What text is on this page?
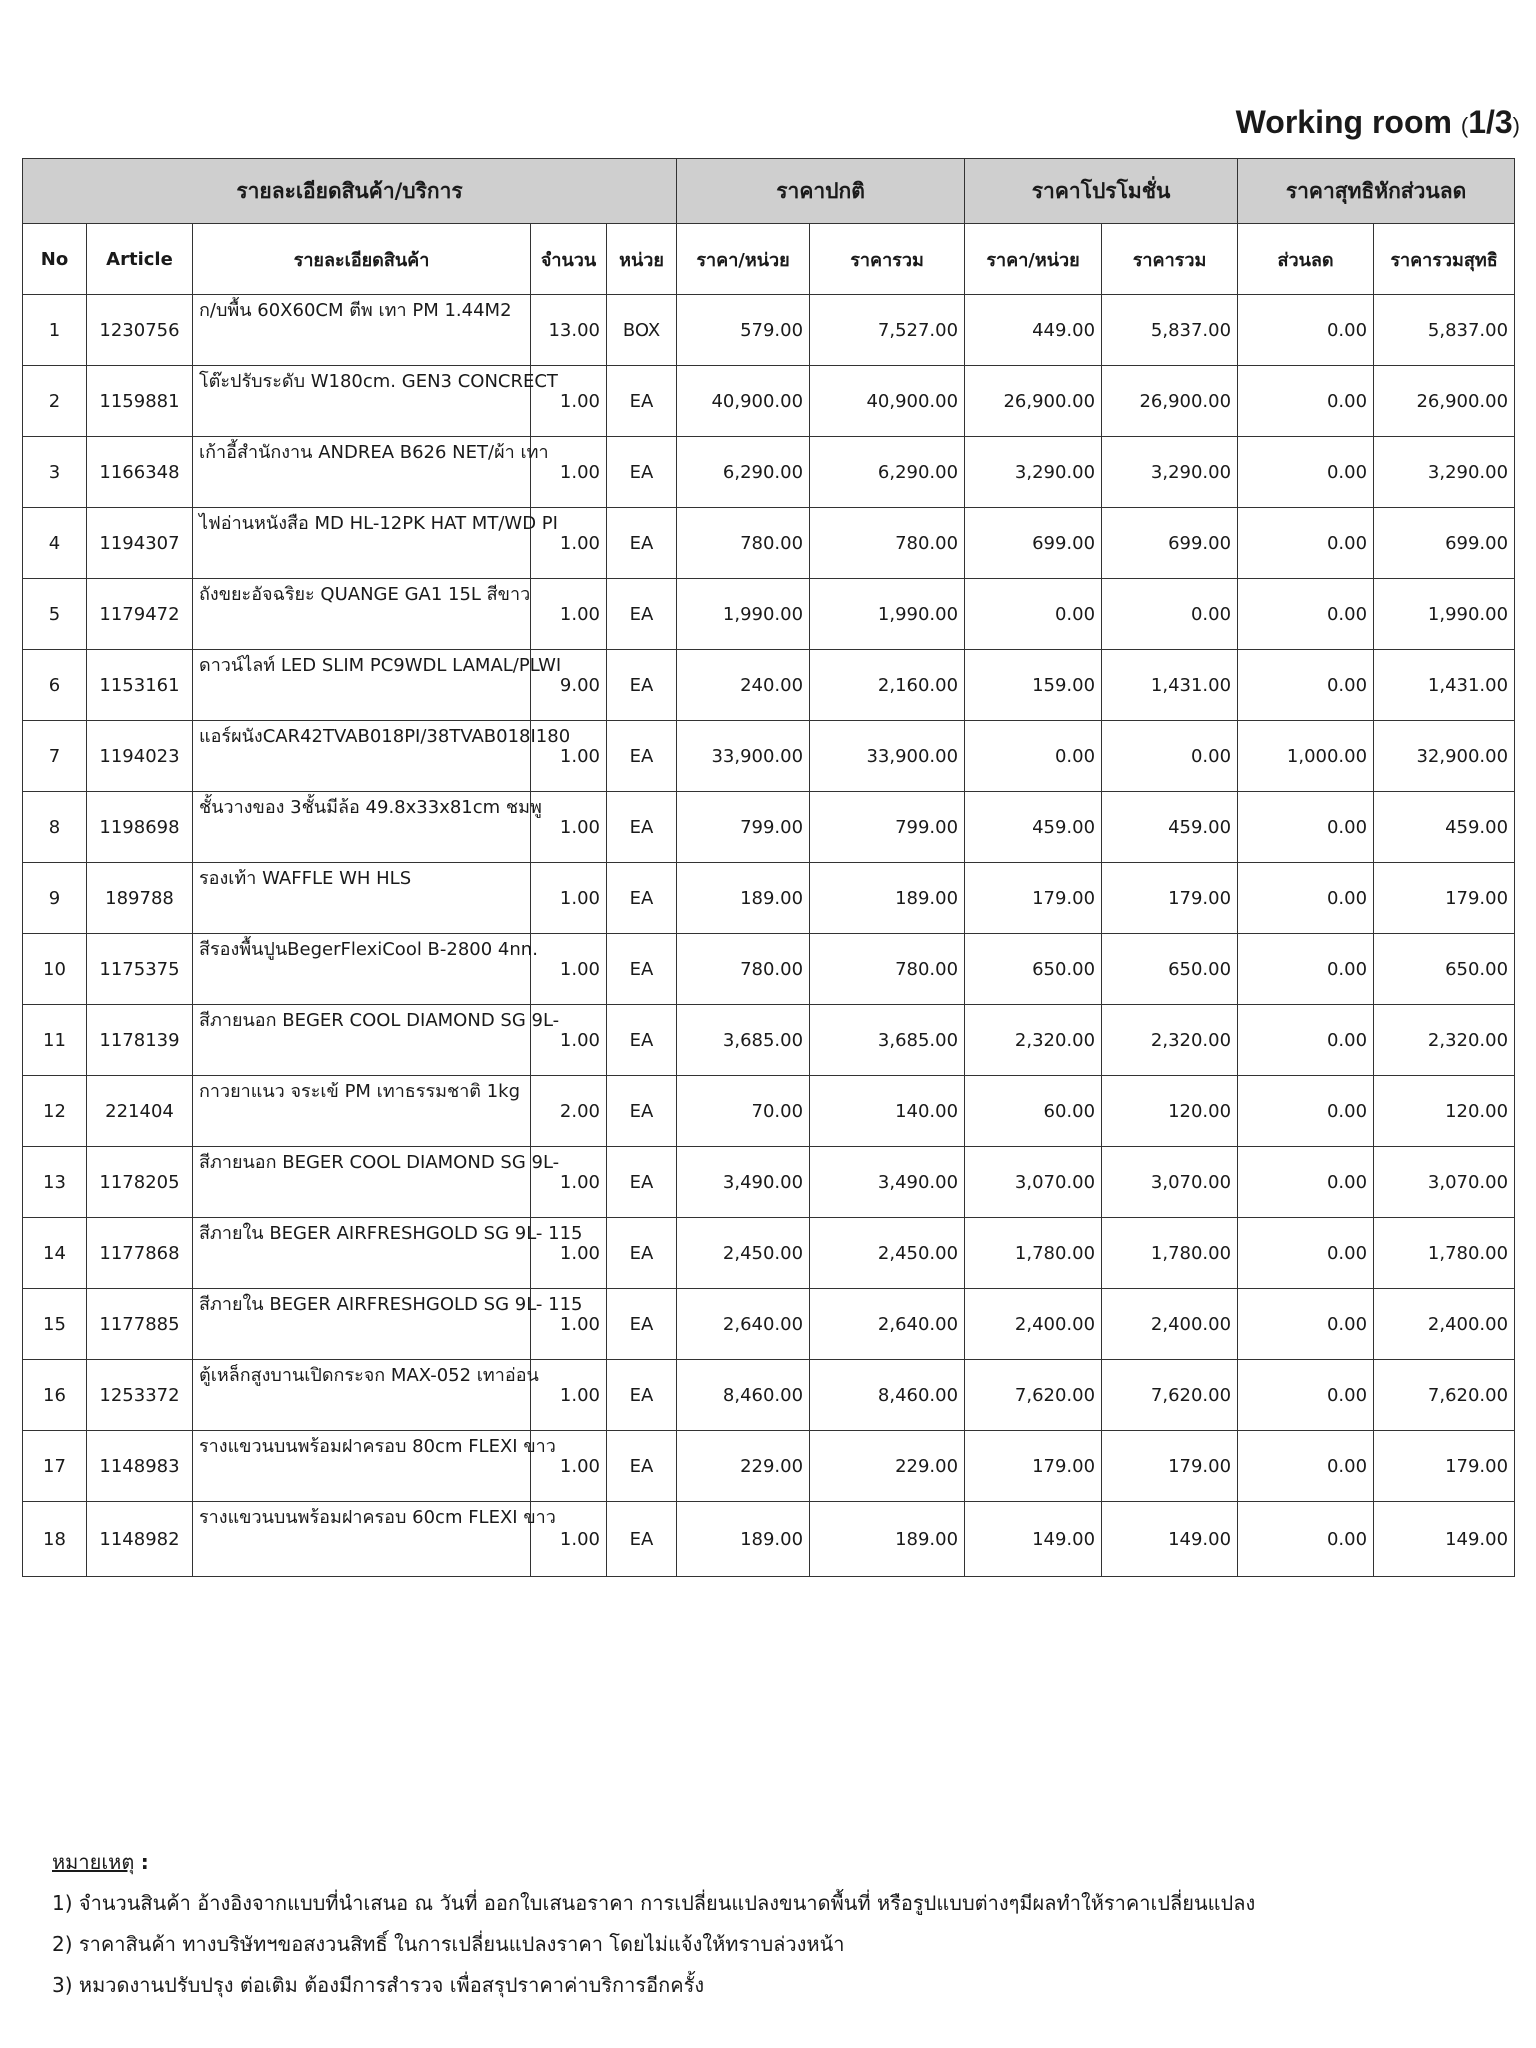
Working room (1/3)
รายละเอียดสินค้า/บริการ					ราคาปกติ		ราคาโปรโมชั่น		ราคาสุทธิหักส่วนลด	
No	Article	รายละเอียดสินค้า	จำนวน	หน่วย	ราคา/หน่วย	ราคารวม	ราคา/หน่วย	ราคารวม	ส่วนลด	ราคารวมสุทธิ
1	1230756	ก/บพื้น 60X60CM ตีพ เทา PM 1.44M2	13.00	BOX	579.00	7,527.00	449.00	5,837.00	0.00	5,837.00
2	1159881	โต๊ะปรับระดับ W180cm. GEN3 CONCRECT	1.00	EA	40,900.00	40,900.00	26,900.00	26,900.00	0.00	26,900.00
3	1166348	เก้าอี้สำนักงาน ANDREA B626 NET/ผ้า เทา	1.00	EA	6,290.00	6,290.00	3,290.00	3,290.00	0.00	3,290.00
4	1194307	ไฟอ่านหนังสือ MD HL-12PK HAT MT/WD PI	1.00	EA	780.00	780.00	699.00	699.00	0.00	699.00
5	1179472	ถังขยะอัจฉริยะ QUANGE GA1 15L สีขาว	1.00	EA	1,990.00	1,990.00	0.00	0.00	0.00	1,990.00
6	1153161	ดาวน์ไลท์ LED SLIM PC9WDL LAMAL/PLWI	9.00	EA	240.00	2,160.00	159.00	1,431.00	0.00	1,431.00
7	1194023	แอร์ผนังCAR42TVAB018PI/38TVAB018I180	1.00	EA	33,900.00	33,900.00	0.00	0.00	1,000.00	32,900.00
8	1198698	ชั้นวางของ 3ชั้นมีล้อ 49.8x33x81cm ชมพู	1.00	EA	799.00	799.00	459.00	459.00	0.00	459.00
9	189788	รองเท้า WAFFLE WH HLS	1.00	EA	189.00	189.00	179.00	179.00	0.00	179.00
10	1175375	สีรองพื้นปูนBegerFlexiCool B-2800 4nn.	1.00	EA	780.00	780.00	650.00	650.00	0.00	650.00
11	1178139	สีภายนอก BEGER COOL DIAMOND SG 9L-	1.00	EA	3,685.00	3,685.00	2,320.00	2,320.00	0.00	2,320.00
12	221404	กาวยาแนว จระเข้ PM เทาธรรมชาติ 1kg	2.00	EA	70.00	140.00	60.00	120.00	0.00	120.00
13	1178205	สีภายนอก BEGER COOL DIAMOND SG 9L-	1.00	EA	3,490.00	3,490.00	3,070.00	3,070.00	0.00	3,070.00
14	1177868	สีภายใน BEGER AIRFRESHGOLD SG 9L- 115	1.00	EA	2,450.00	2,450.00	1,780.00	1,780.00	0.00	1,780.00
15	1177885	สีภายใน BEGER AIRFRESHGOLD SG 9L- 115	1.00	EA	2,640.00	2,640.00	2,400.00	2,400.00	0.00	2,400.00
16	1253372	ตู้เหล็กสูงบานเปิดกระจก MAX-052 เทาอ่อน	1.00	EA	8,460.00	8,460.00	7,620.00	7,620.00	0.00	7,620.00
17	1148983	รางแขวนบนพร้อมฝาครอบ 80cm FLEXI ขาว	1.00	EA	229.00	229.00	179.00	179.00	0.00	179.00
18	1148982	รางแขวนบนพร้อมฝาครอบ 60cm FLEXI ขาว	1.00	EA	189.00	189.00	149.00	149.00	0.00	149.00
หมายเหตุ :
1) จำนวนสินค้า อ้างอิงจากแบบที่นำเสนอ ณ วันที่ ออกใบเสนอราคา การเปลี่ยนแปลงขนาดพื้นที่ หรือรูปแบบต่างๆมีผลทำให้ราคาเปลี่ยนแปลง
2) ราคาสินค้า ทางบริษัทฯขอสงวนสิทธิ์ ในการเปลี่ยนแปลงราคา โดยไม่แจ้งให้ทราบล่วงหน้า
3) หมวดงานปรับปรุง ต่อเติม ต้องมีการสำรวจ เพื่อสรุปราคาค่าบริการอีกครั้ง
